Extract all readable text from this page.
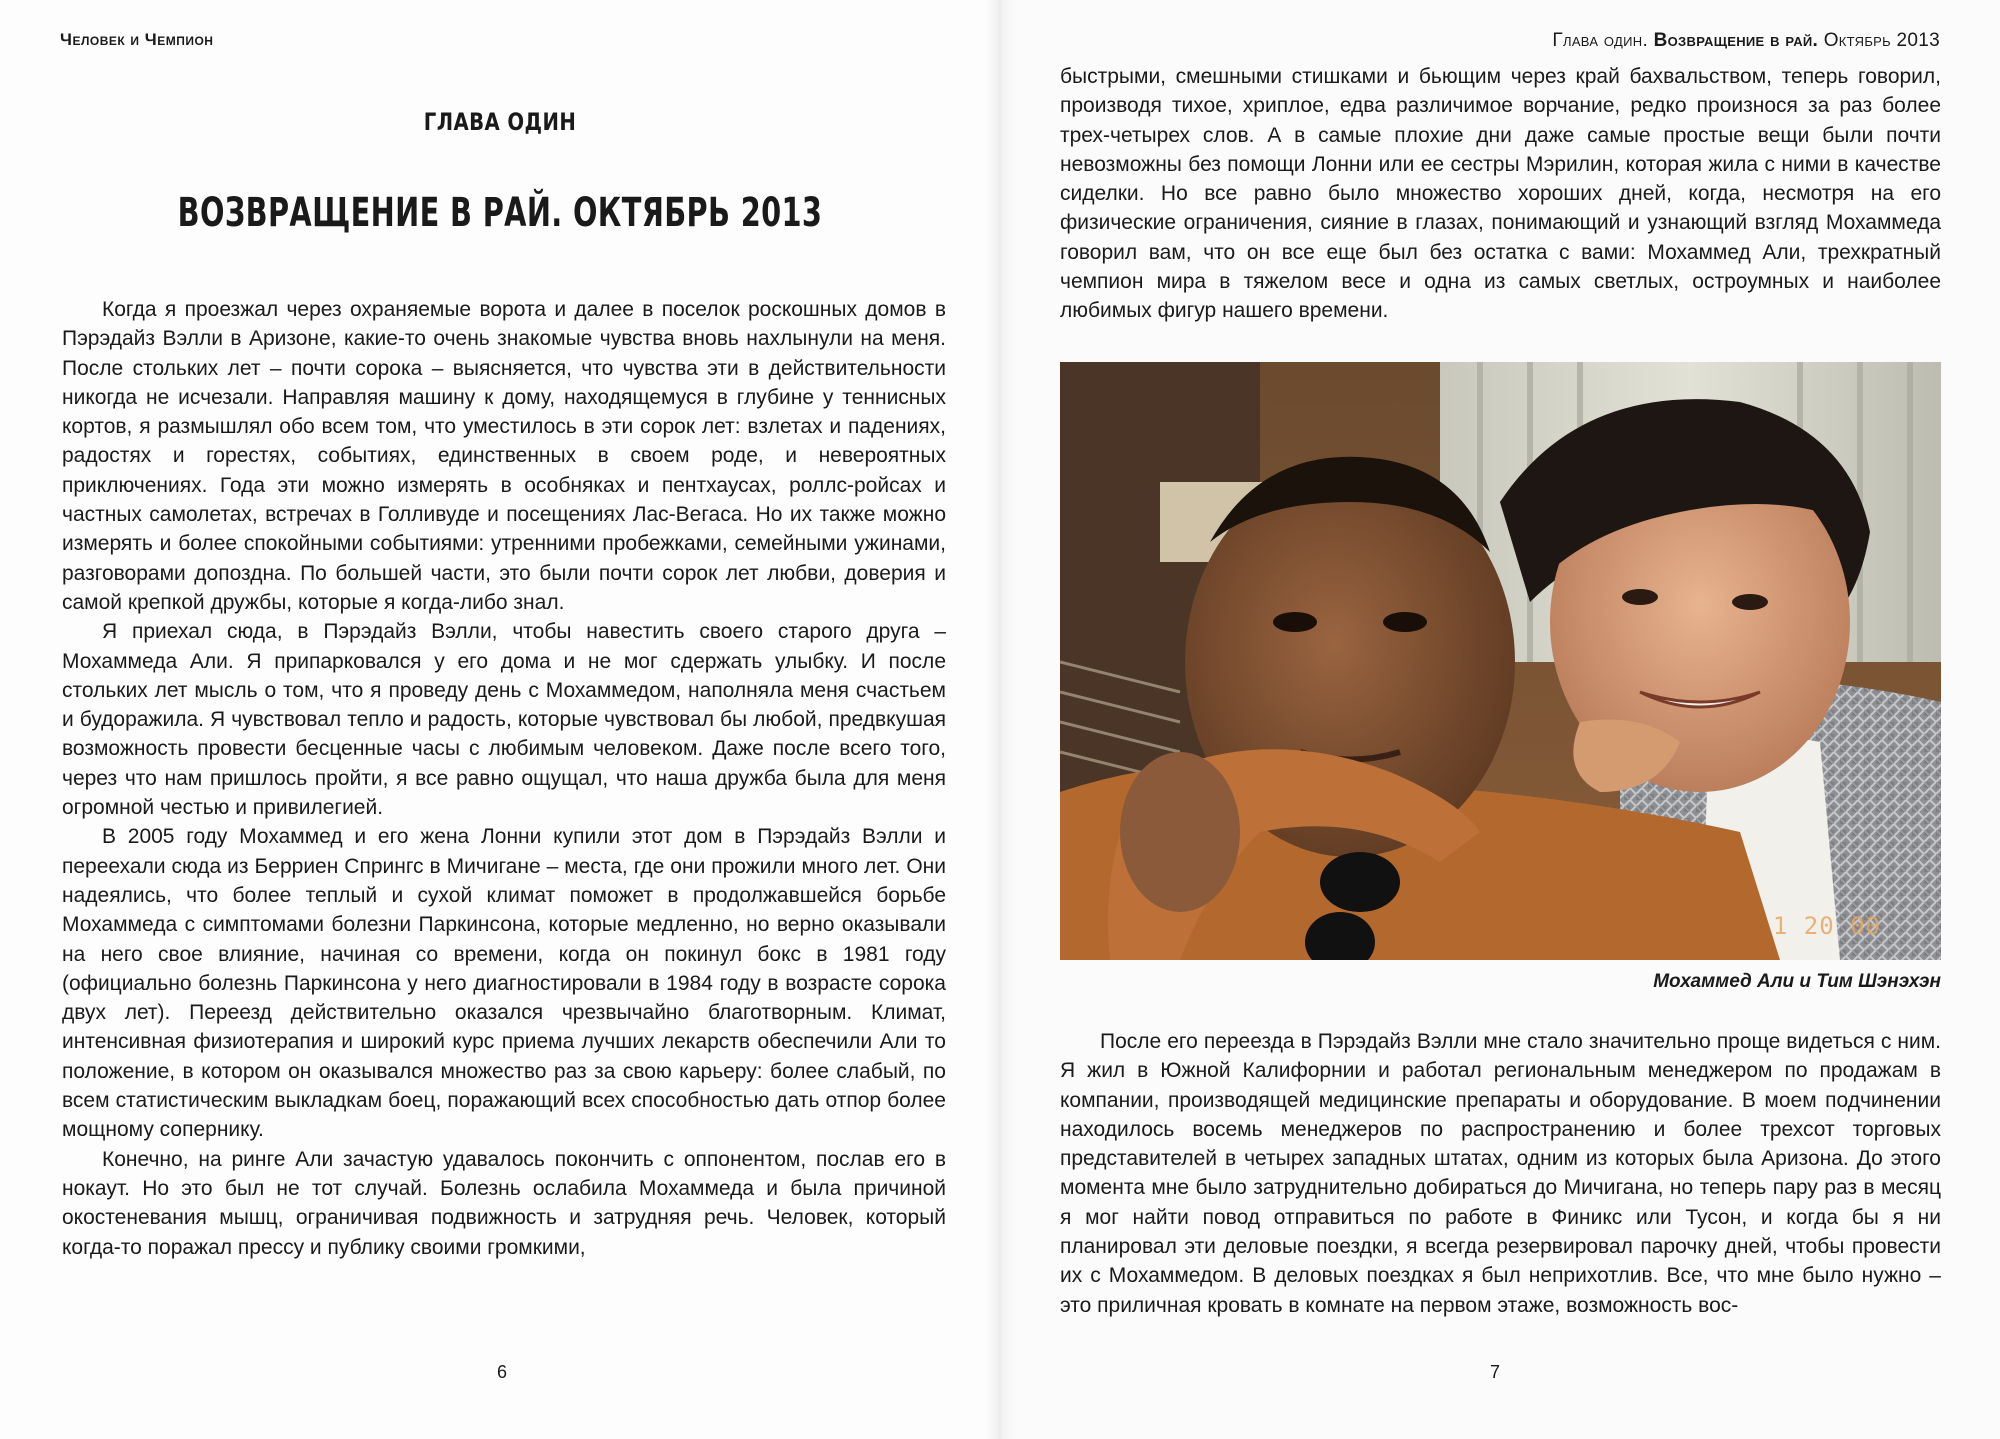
Человек и Чемпион
ГЛАВА ОДИН
ВОЗВРАЩЕНИЕ В РАЙ. ОКТЯБРЬ 2013

Когда я проезжал через охраняемые ворота и далее в поселок роскошных домов в Пэрэдайз Вэлли в Аризоне, какие-то очень знакомые чувства вновь нахлынули на меня. После стольких лет – почти сорока – выясняется, что чувства эти в действительности никогда не исчезали. Направляя машину к дому, находящемуся в глубине у теннисных кортов, я размышлял обо всем том, что уместилось в эти сорок лет: взлетах и падениях, радостях и горестях, событиях, единственных в своем роде, и невероятных приключениях. Года эти можно измерять в особняках и пентхаусах, роллс-ройсах и частных самолетах, встречах в Голливуде и посещениях Лас-Вегаса. Но их также можно измерять и более спокойными событиями: утренними пробежками, семейными ужинами, разговорами допоздна. По большей части, это были почти сорок лет любви, доверия и самой крепкой дружбы, которые я когда-либо знал.

Я приехал сюда, в Пэрэдайз Вэлли, чтобы навестить своего старого друга – Мохаммеда Али. Я припарковался у его дома и не мог сдержать улыбку. И после стольких лет мысль о том, что я проведу день с Мохаммедом, наполняла меня счастьем и будоражила. Я чувствовал тепло и радость, которые чувствовал бы любой, предвкушая возможность провести бесценные часы с любимым человеком. Даже после всего того, через что нам пришлось пройти, я все равно ощущал, что наша дружба была для меня огромной честью и привилегией.

В 2005 году Мохаммед и его жена Лонни купили этот дом в Пэрэдайз Вэлли и переехали сюда из Берриен Спрингс в Мичигане – места, где они прожили много лет. Они надеялись, что более теплый и сухой климат поможет в продолжавшейся борьбе Мохаммеда с симптомами болезни Паркинсона, которые медленно, но верно оказывали на него свое влияние, начиная со времени, когда он покинул бокс в 1981 году (официально болезнь Паркинсона у него диагностировали в 1984 году в возрасте сорока двух лет). Переезд действительно оказался чрезвычайно благотворным. Климат, интенсивная физиотерапия и широкий курс приема лучших лекарств обеспечили Али то положение, в котором он оказывался множество раз за свою карьеру: более слабый, по всем статистическим выкладкам боец, поражающий всех способностью дать отпор более мощному сопернику.

Конечно, на ринге Али зачастую удавалось покончить с оппонентом, послав его в нокаут. Но это был не тот случай. Болезнь ослабила Мохаммеда и была причиной окостеневания мышц, ограничивая подвижность и затрудняя речь. Человек, который когда-то поражал прессу и публику своими громкими,

6
Глава один. Возвращение в рай. Октябрь 2013

быстрыми, смешными стишками и бьющим через край бахвальством, теперь говорил, производя тихое, хриплое, едва различимое ворчание, редко произнося за раз более трех-четырех слов. А в самые плохие дни даже самые простые вещи были почти невозможны без помощи Лонни или ее сестры Мэрилин, которая жила с ними в качестве сиделки. Но все равно было множество хороших дней, когда, несмотря на его физические ограничения, сияние в глазах, понимающий и узнающий взгляд Мохаммеда говорил вам, что он все еще был без остатка с вами: Мохаммед Али, трехкратный чемпион мира в тяжелом весе и одна из самых светлых, остроумных и наиболее любимых фигур нашего времени.

1 20 00
Мохаммед Али и Тим Шэнэхэн

После его переезда в Пэрэдайз Вэлли мне стало значительно проще видеться с ним. Я жил в Южной Калифорнии и работал региональным менеджером по продажам в компании, производящей медицинские препараты и оборудование. В моем подчинении находилось восемь менеджеров по распространению и более трехсот торговых представителей в четырех западных штатах, одним из которых была Аризона. До этого момента мне было затруднительно добираться до Мичигана, но теперь пару раз в месяц я мог найти повод отправиться по работе в Финикс или Тусон, и когда бы я ни планировал эти деловые поездки, я всегда резервировал парочку дней, чтобы провести их с Мохаммедом. В деловых поездках я был неприхотлив. Все, что мне было нужно – это приличная кровать в комнате на первом этаже, возможность вос-

7
